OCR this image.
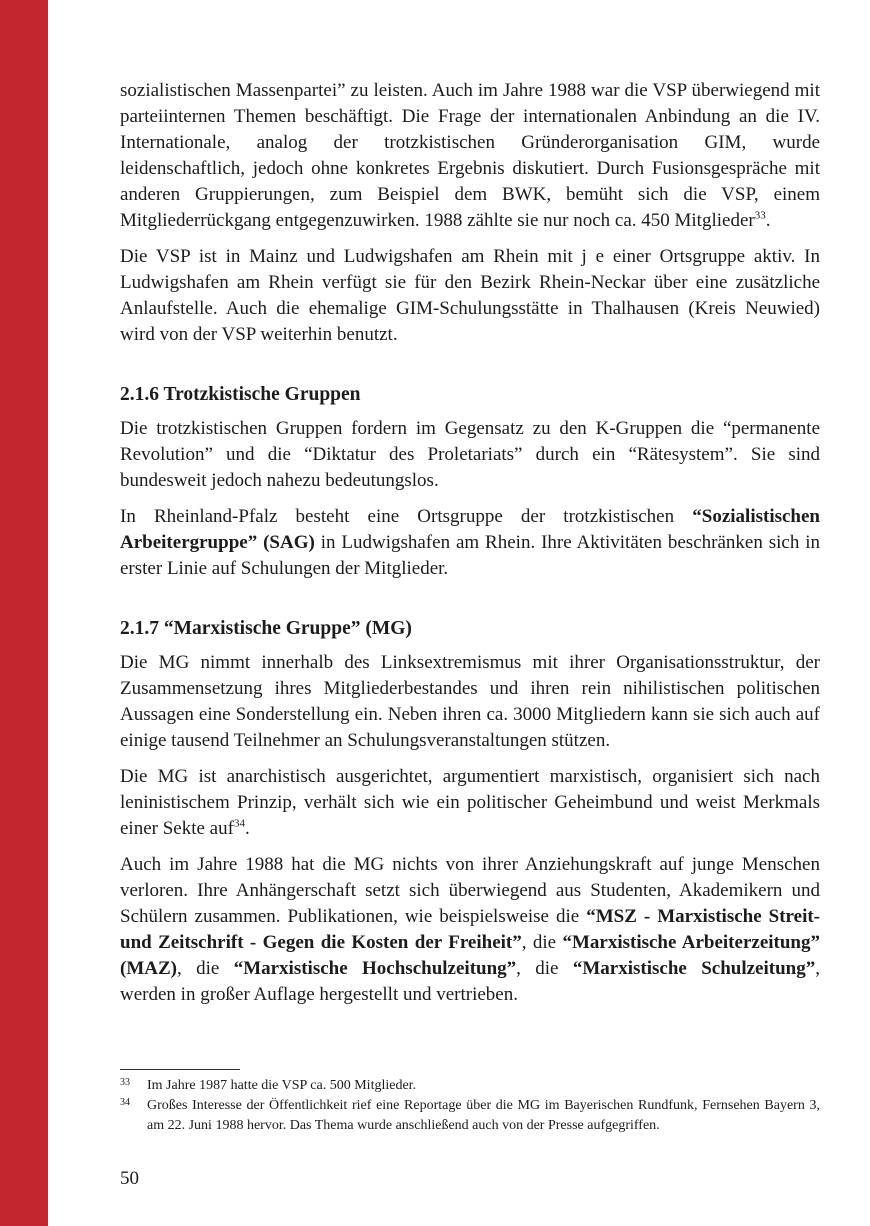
sozialistischen Massenpartei” zu leisten. Auch im Jahre 1988 war die VSP überwiegend mit parteiinternen Themen beschäftigt. Die Frage der internationalen Anbindung an die IV. Internationale, analog der trotzkistischen Gründerorganisation GIM, wurde leidenschaftlich, jedoch ohne konkretes Ergebnis diskutiert. Durch Fusionsgespräche mit anderen Gruppierungen, zum Beispiel dem BWK, bemüht sich die VSP, einem Mitgliederrückgang entgegenzuwirken. 1988 zählte sie nur noch ca. 450 Mitglieder$^{33}$.

Die VSP ist in Mainz und Ludwigshafen am Rhein mit j e einer Ortsgruppe aktiv. In Ludwigshafen am Rhein verfügt sie für den Bezirk Rhein-Neckar über eine zusätzliche Anlaufstelle. Auch die ehemalige GIM-Schulungsstätte in Thalhausen (Kreis Neuwied) wird von der VSP weiterhin benutzt.

2.1.6 Trotzkistische Gruppen

Die trotzkistischen Gruppen fordern im Gegensatz zu den K-Gruppen die “permanente Revolution” und die “Diktatur des Proletariats” durch ein “Rätesystem”. Sie sind bundesweit jedoch nahezu bedeutungslos.

In Rheinland-Pfalz besteht eine Ortsgruppe der trotzkistischen “Sozialistischen Arbeitergruppe” (SAG) in Ludwigshafen am Rhein. Ihre Aktivitäten beschränken sich in erster Linie auf Schulungen der Mitglieder.

2.1.7 “Marxistische Gruppe” (MG)

Die MG nimmt innerhalb des Linksextremismus mit ihrer Organisationsstruktur, der Zusammensetzung ihres Mitgliederbestandes und ihren rein nihilistischen politischen Aussagen eine Sonderstellung ein. Neben ihren ca. 3000 Mitgliedern kann sie sich auch auf einige tausend Teilnehmer an Schulungsveranstaltungen stützen.

Die MG ist anarchistisch ausgerichtet, argumentiert marxistisch, organisiert sich nach leninistischem Prinzip, verhält sich wie ein politischer Geheimbund und weist Merkmals einer Sekte auf$^{34}$.

Auch im Jahre 1988 hat die MG nichts von ihrer Anziehungskraft auf junge Menschen verloren. Ihre Anhängerschaft setzt sich überwiegend aus Studenten, Akademikern und Schülern zusammen. Publikationen, wie beispielsweise die “MSZ - Marxistische Streit- und Zeitschrift - Gegen die Kosten der Freiheit”, die “Marxistische Arbeiterzeitung” (MAZ), die “Marxistische Hochschulzeitung”, die “Marxistische Schulzeitung”, werden in großer Auflage hergestellt und vertrieben.

33 Im Jahre 1987 hatte die VSP ca. 500 Mitglieder.

34 Großes Interesse der Öffentlichkeit rief eine Reportage über die MG im Bayerischen Rundfunk, Fernsehen Bayern 3, am 22. Juni 1988 hervor. Das Thema wurde anschließend auch von der Presse aufgegriffen.

50
